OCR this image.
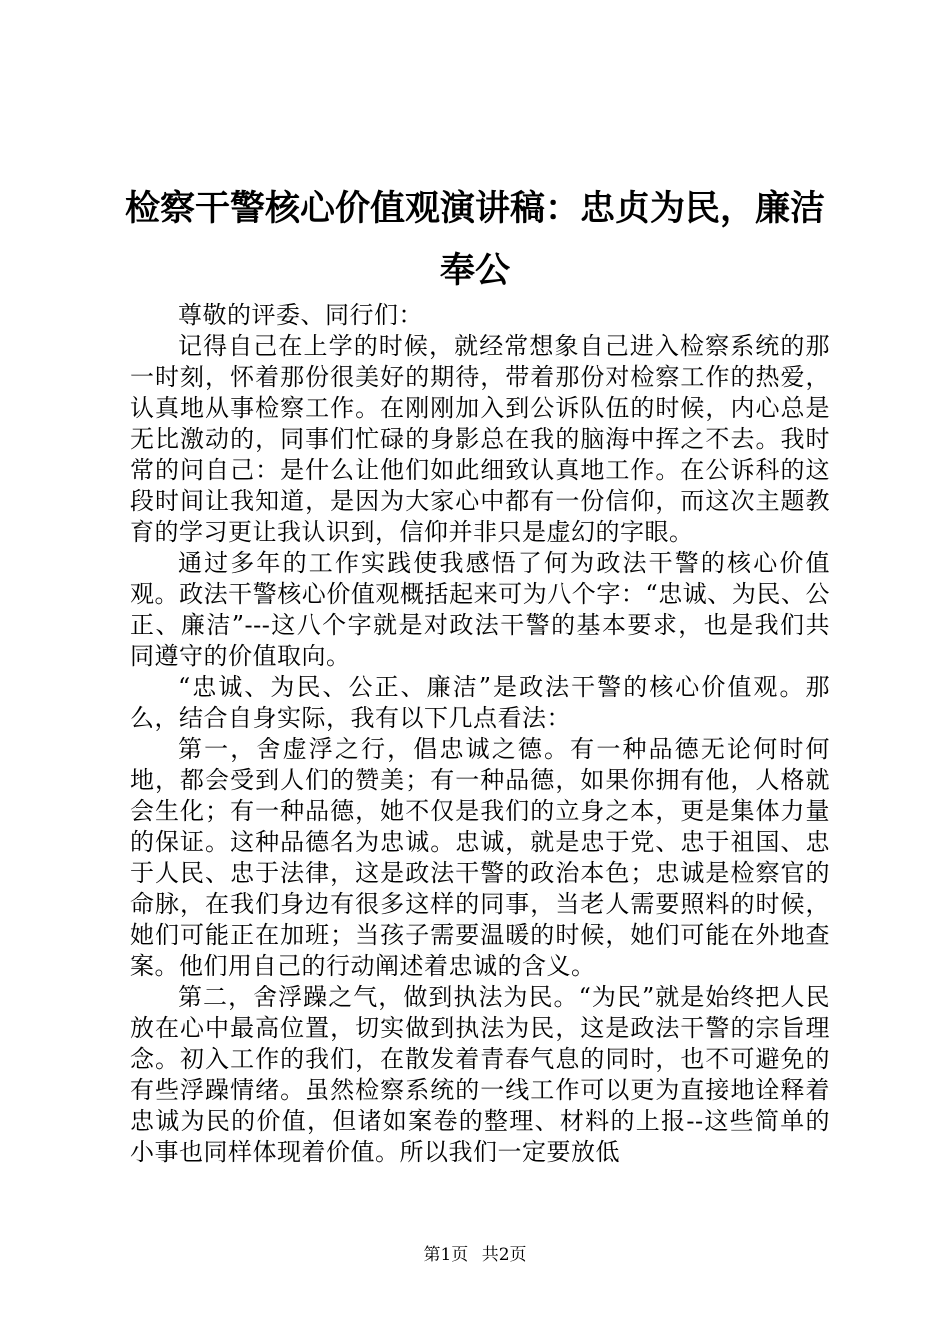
检察干警核心价值观演讲稿：忠贞为民，廉洁奉公

尊敬的评委、同行们：

记得自己在上学的时候，就经常想象自己进入检察系统的那一时刻，怀着那份很美好的期待，带着那份对检察工作的热爱，认真地从事检察工作。在刚刚加入到公诉队伍的时候，内心总是无比激动的，同事们忙碌的身影总在我的脑海中挥之不去。我时常的问自己：是什么让他们如此细致认真地工作。在公诉科的这段时间让我知道，是因为大家心中都有一份信仰，而这次主题教育的学习更让我认识到，信仰并非只是虚幻的字眼。

通过多年的工作实践使我感悟了何为政法干警的核心价值观。政法干警核心价值观概括起来可为八个字：“忠诚、为民、公正、廉洁”---这八个字就是对政法干警的基本要求，也是我们共同遵守的价值取向。

“忠诚、为民、公正、廉洁”是政法干警的核心价值观。那么，结合自身实际，我有以下几点看法：

第一，舍虚浮之行，倡忠诚之德。有一种品德无论何时何地，都会受到人们的赞美；有一种品德，如果你拥有他，人格就会生化；有一种品德，她不仅是我们的立身之本，更是集体力量的保证。这种品德名为忠诚。忠诚，就是忠于党、忠于祖国、忠于人民、忠于法律，这是政法干警的政治本色；忠诚是检察官的命脉，在我们身边有很多这样的同事，当老人需要照料的时候，她们可能正在加班；当孩子需要温暖的时候，她们可能在外地查案。他们用自己的行动阐述着忠诚的含义。

第二，舍浮躁之气，做到执法为民。“为民”就是始终把人民放在心中最高位置，切实做到执法为民，这是政法干警的宗旨理念。初入工作的我们，在散发着青春气息的同时，也不可避免的有些浮躁情绪。虽然检察系统的一线工作可以更为直接地诠释着忠诚为民的价值，但诸如案卷的整理、材料的上报--这些简单的小事也同样体现着价值。所以我们一定要放低

第1页 共2页
